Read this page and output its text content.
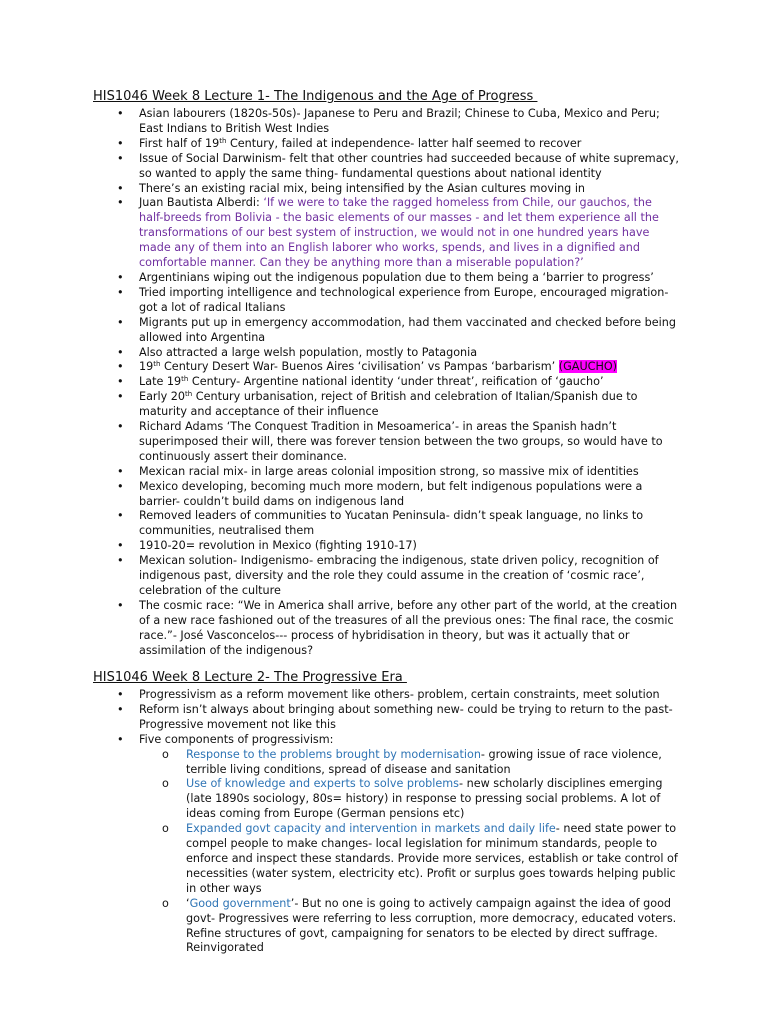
HIS1046 Week 8 Lecture 1- The Indigenous and the Age of Progress
• Asian labourers (1820s-50s)- Japanese to Peru and Brazil; Chinese to Cuba, Mexico and Peru; East Indians to British West Indies
• First half of 19th Century, failed at independence- latter half seemed to recover
• Issue of Social Darwinism- felt that other countries had succeeded because of white supremacy, so wanted to apply the same thing- fundamental questions about national identity
• There’s an existing racial mix, being intensified by the Asian cultures moving in
• Juan Bautista Alberdi: ‘If we were to take the ragged homeless from Chile, our gauchos, the half-breeds from Bolivia - the basic elements of our masses - and let them experience all the transformations of our best system of instruction, we would not in one hundred years have made any of them into an English laborer who works, spends, and lives in a dignified and comfortable manner. Can they be anything more than a miserable population?’
• Argentinians wiping out the indigenous population due to them being a ‘barrier to progress’
• Tried importing intelligence and technological experience from Europe, encouraged migration- got a lot of radical Italians
• Migrants put up in emergency accommodation, had them vaccinated and checked before being allowed into Argentina
• Also attracted a large welsh population, mostly to Patagonia
• 19th Century Desert War- Buenos Aires ‘civilisation’ vs Pampas ‘barbarism’ (GAUCHO)
• Late 19th Century- Argentine national identity ‘under threat’, reification of ‘gaucho’
• Early 20th Century urbanisation, reject of British and celebration of Italian/Spanish due to maturity and acceptance of their influence
• Richard Adams ‘The Conquest Tradition in Mesoamerica’- in areas the Spanish hadn’t superimposed their will, there was forever tension between the two groups, so would have to continuously assert their dominance.
• Mexican racial mix- in large areas colonial imposition strong, so massive mix of identities
• Mexico developing, becoming much more modern, but felt indigenous populations were a barrier- couldn’t build dams on indigenous land
• Removed leaders of communities to Yucatan Peninsula- didn’t speak language, no links to communities, neutralised them
• 1910-20= revolution in Mexico (fighting 1910-17)
• Mexican solution- Indigenismo- embracing the indigenous, state driven policy, recognition of indigenous past, diversity and the role they could assume in the creation of ‘cosmic race’, celebration of the culture
• The cosmic race: “We in America shall arrive, before any other part of the world, at the creation of a new race fashioned out of the treasures of all the previous ones: The final race, the cosmic race.”- José Vasconcelos--- process of hybridisation in theory, but was it actually that or assimilation of the indigenous?
HIS1046 Week 8 Lecture 2- The Progressive Era
• Progressivism as a reform movement like others- problem, certain constraints, meet solution
• Reform isn’t always about bringing about something new- could be trying to return to the past- Progressive movement not like this
• Five components of progressivism:
o Response to the problems brought by modernisation- growing issue of race violence, terrible living conditions, spread of disease and sanitation
o Use of knowledge and experts to solve problems- new scholarly disciplines emerging (late 1890s sociology, 80s= history) in response to pressing social problems. A lot of ideas coming from Europe (German pensions etc)
o Expanded govt capacity and intervention in markets and daily life- need state power to compel people to make changes- local legislation for minimum standards, people to enforce and inspect these standards. Provide more services, establish or take control of necessities (water system, electricity etc). Profit or surplus goes towards helping public in other ways
o ‘Good government’- But no one is going to actively campaign against the idea of good govt- Progressives were referring to less corruption, more democracy, educated voters. Refine structures of govt, campaigning for senators to be elected by direct suffrage. Reinvigorated
